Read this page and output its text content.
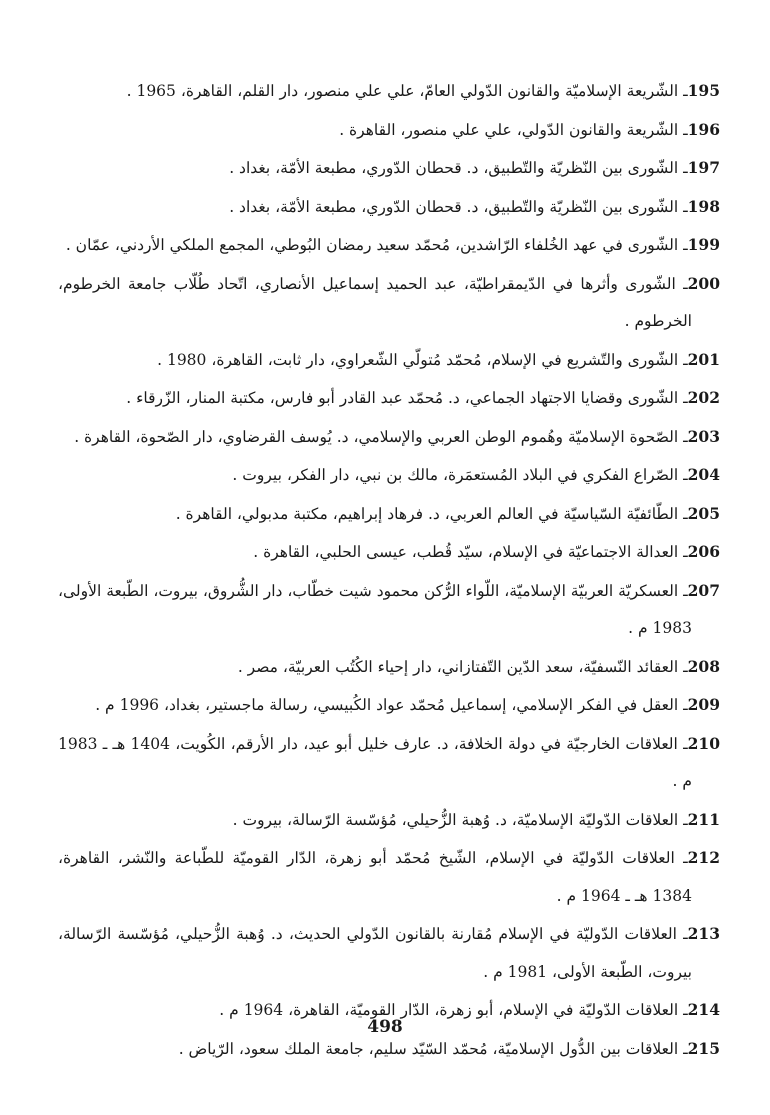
195ـ الشّريعة الإسلاميّة والقانون الدّولي العامّ، علي علي منصور، دار القلم، القاهرة، 1965 .

196ـ الشّريعة والقانون الدّولي، علي علي منصور، القاهرة .

197ـ الشّورى بين النّظريّة والتّطبيق، د. قحطان الدّوري، مطبعة الأمّة، بغداد .

198ـ الشّورى بين النّظريّة والتّطبيق، د. قحطان الدّوري، مطبعة الأمّة، بغداد .

199ـ الشّورى في عهد الخُلفاء الرّاشدين، مُحمّد سعيد رمضان البُوطي، المجمع الملكي الأردني، عمّان .

200ـ الشّورى وأثرها في الدّيمقراطيّة، عبد الحميد إسماعيل الأنصاري، اتّحاد طُلّاب جامعة الخرطوم، الخرطوم .

201ـ الشّورى والتّشريع في الإسلام، مُحمّد مُتولّي الشّعراوي، دار ثابت، القاهرة، 1980 .

202ـ الشّورى وقضايا الاجتهاد الجماعي، د. مُحمّد عبد القادر أبو فارس، مكتبة المنار، الزّرقاء .

203ـ الصّحوة الإسلاميّة وهُموم الوطن العربي والإسلامي، د. يُوسف القرضاوي، دار الصّحوة، القاهرة .

204ـ الصّراع الفكري في البلاد المُستعمَرة، مالك بن نبي، دار الفكر، بيروت .

205ـ الطّائفيّة السّياسيّة في العالم العربي، د. فرهاد إبراهيم، مكتبة مدبولي، القاهرة .

206ـ العدالة الاجتماعيّة في الإسلام، سيّد قُطب، عيسى الحلبي، القاهرة .

207ـ العسكريّة العربيّة الإسلاميّة، اللّواء الرُّكن محمود شيت خطّاب، دار الشُّروق، بيروت، الطّبعة الأولى، 1983 م .

208ـ العقائد النّسفيّة، سعد الدّين التّفتازاني، دار إحياء الكُتُب العربيّة، مصر .

209ـ العقل في الفكر الإسلامي، إسماعيل مُحمّد عواد الكُبيسي، رسالة ماجستير، بغداد، 1996 م .

210ـ العلاقات الخارجيّة في دولة الخلافة، د. عارف خليل أبو عيد، دار الأرقم، الكُويت، 1404 هـ ـ 1983 م .

211ـ العلاقات الدّوليّة الإسلاميّة، د. وُهبة الزُّحيلي، مُؤسّسة الرّسالة، بيروت .

212ـ العلاقات الدّوليّة في الإسلام، الشّيخ مُحمّد أبو زهرة، الدّار القوميّة للطّباعة والنّشر، القاهرة، 1384 هـ ـ 1964 م .

213ـ العلاقات الدّوليّة في الإسلام مُقارنة بالقانون الدّولي الحديث، د. وُهبة الزُّحيلي، مُؤسّسة الرّسالة، بيروت، الطّبعة الأولى، 1981 م .

214ـ العلاقات الدّوليّة في الإسلام، أبو زهرة، الدّار القوميّة، القاهرة، 1964 م .

215ـ العلاقات بين الدُّول الإسلاميّة، مُحمّد السّيّد سليم، جامعة الملك سعود، الرّياض .

498
